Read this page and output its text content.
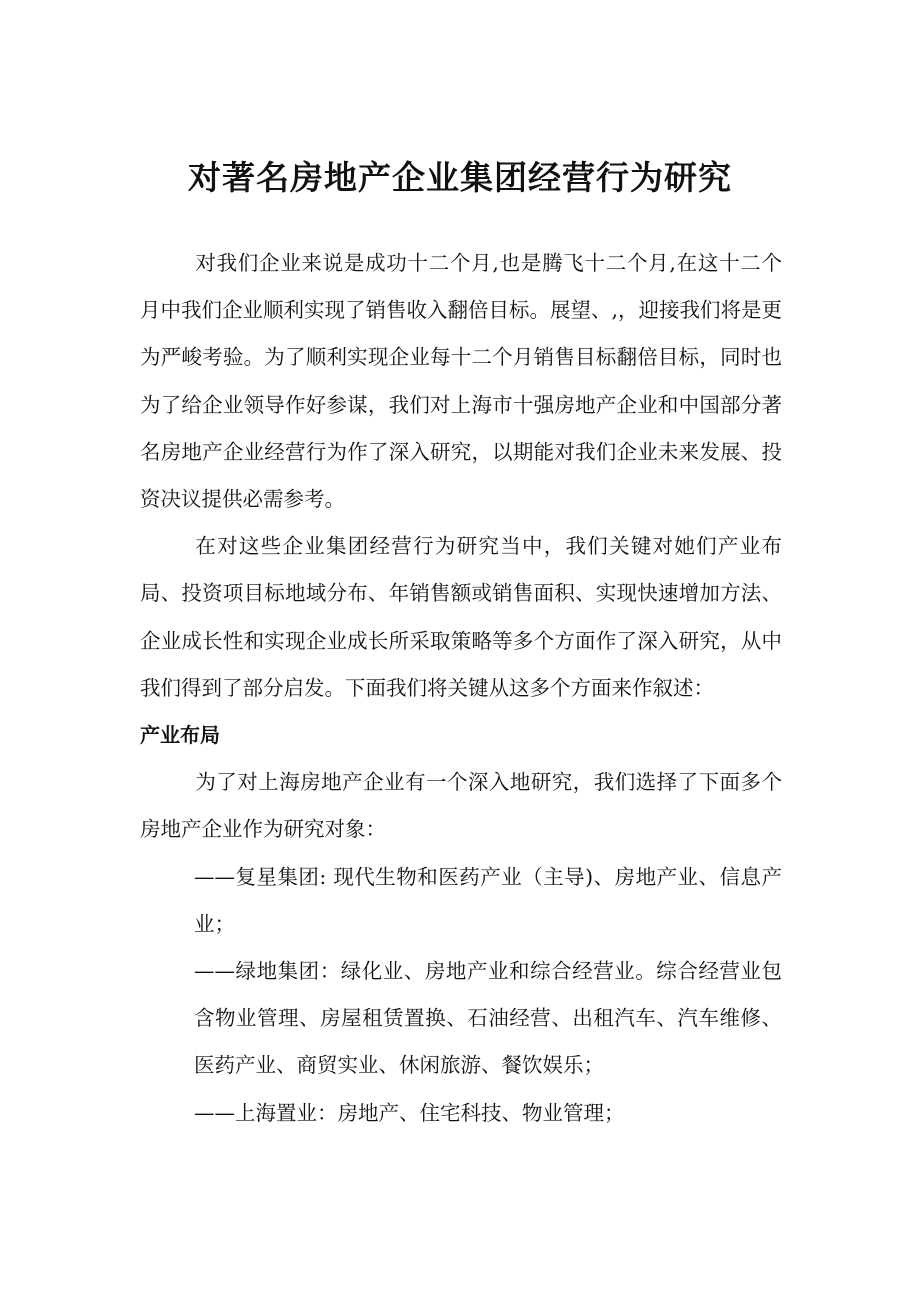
对著名房地产企业集团经营行为研究

对我们企业来说是成功十二个月,也是腾飞十二个月,在这十二个月中我们企业顺利实现了销售收入翻倍目标。展望、,，迎接我们将是更为严峻考验。为了顺利实现企业每十二个月销售目标翻倍目标，同时也为了给企业领导作好参谋，我们对上海市十强房地产企业和中国部分著名房地产企业经营行为作了深入研究，以期能对我们企业未来发展、投资决议提供必需参考。

在对这些企业集团经营行为研究当中，我们关键对她们产业布局、投资项目标地域分布、年销售额或销售面积、实现快速增加方法、企业成长性和实现企业成长所采取策略等多个方面作了深入研究，从中我们得到了部分启发。下面我们将关键从这多个方面来作叙述：

产业布局

为了对上海房地产企业有一个深入地研究，我们选择了下面多个房地产企业作为研究对象：

——复星集团: 现代生物和医药产业（主导)、房地产业、信息产业；

——绿地集团：绿化业、房地产业和综合经营业。综合经营业包含物业管理、房屋租赁置换、石油经营、出租汽车、汽车维修、医药产业、商贸实业、休闲旅游、餐饮娱乐；

——上海置业：房地产、住宅科技、物业管理；
